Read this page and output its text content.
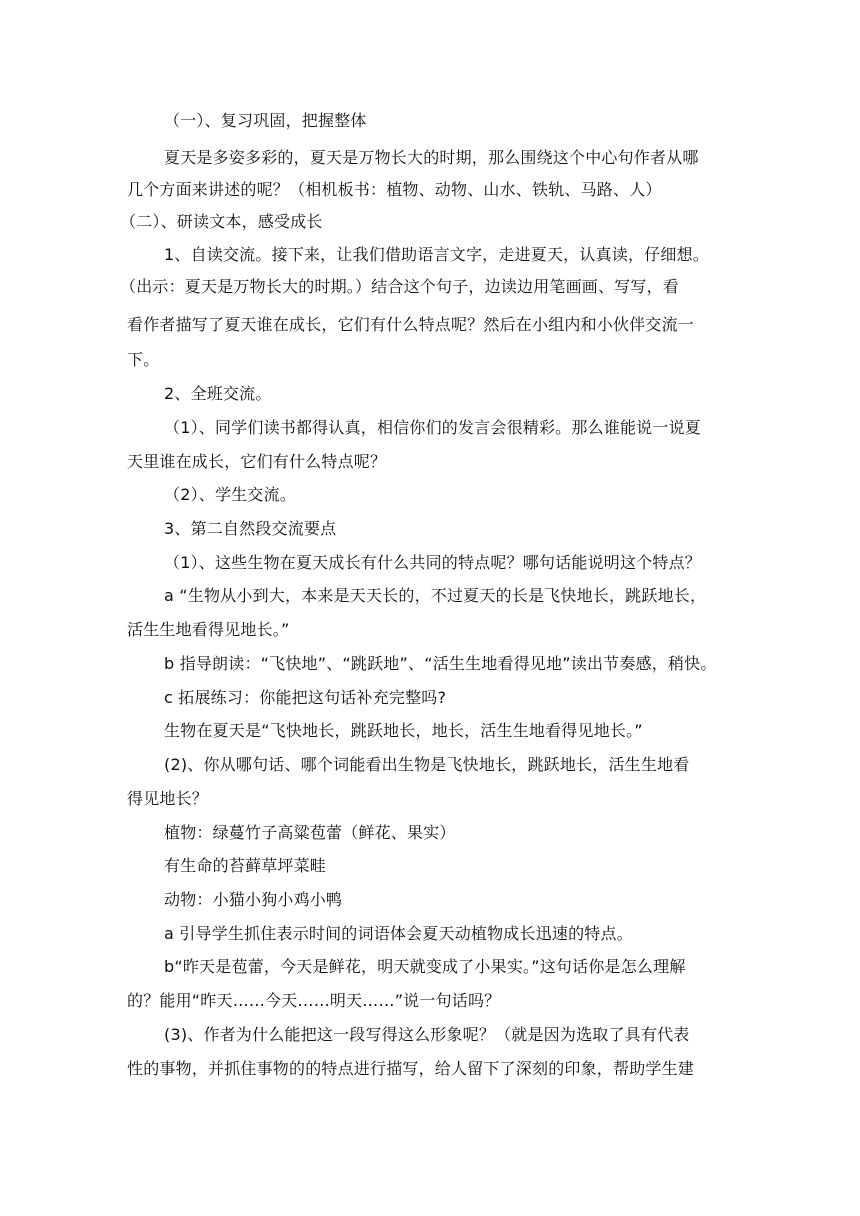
（一）、复习巩固，把握整体
夏天是多姿多彩的，夏天是万物长大的时期，那么围绕这个中心句作者从哪
几个方面来讲述的呢？（相机板书：植物、动物、山水、铁轨、马路、人）
（二）、研读文本，感受成长
1、自读交流。接下来，让我们借助语言文字，走进夏天，认真读，仔细想。
（出示：夏天是万物长大的时期。）结合这个句子，边读边用笔画画、写写，看
看作者描写了夏天谁在成长，它们有什么特点呢？然后在小组内和小伙伴交流一
下。
2、全班交流。
（1）、同学们读书都得认真，相信你们的发言会很精彩。那么谁能说一说夏
天里谁在成长，它们有什么特点呢？
（2）、学生交流。
3、第二自然段交流要点
（1）、这些生物在夏天成长有什么共同的特点呢？哪句话能说明这个特点？
a “生物从小到大，本来是天天长的，不过夏天的长是飞快地长，跳跃地长，
活生生地看得见地长。”
b 指导朗读：“飞快地”、“跳跃地”、“活生生地看得见地”读出节奏感，稍快。
c 拓展练习：你能把这句话补充完整吗?
生物在夏天是“飞快地长，跳跃地长，地长，活生生地看得见地长。”
(2)、你从哪句话、哪个词能看出生物是飞快地长，跳跃地长，活生生地看
得见地长？
植物：绿蔓竹子高粱苞蕾（鲜花、果实）
有生命的苔藓草坪菜畦
动物：小猫小狗小鸡小鸭
a 引导学生抓住表示时间的词语体会夏天动植物成长迅速的特点。
b“昨天是苞蕾，今天是鲜花，明天就变成了小果实。”这句话你是怎么理解
的？能用“昨天……今天……明天……”说一句话吗？
(3)、作者为什么能把这一段写得这么形象呢？（就是因为选取了具有代表
性的事物，并抓住事物的的特点进行描写，给人留下了深刻的印象，帮助学生建
